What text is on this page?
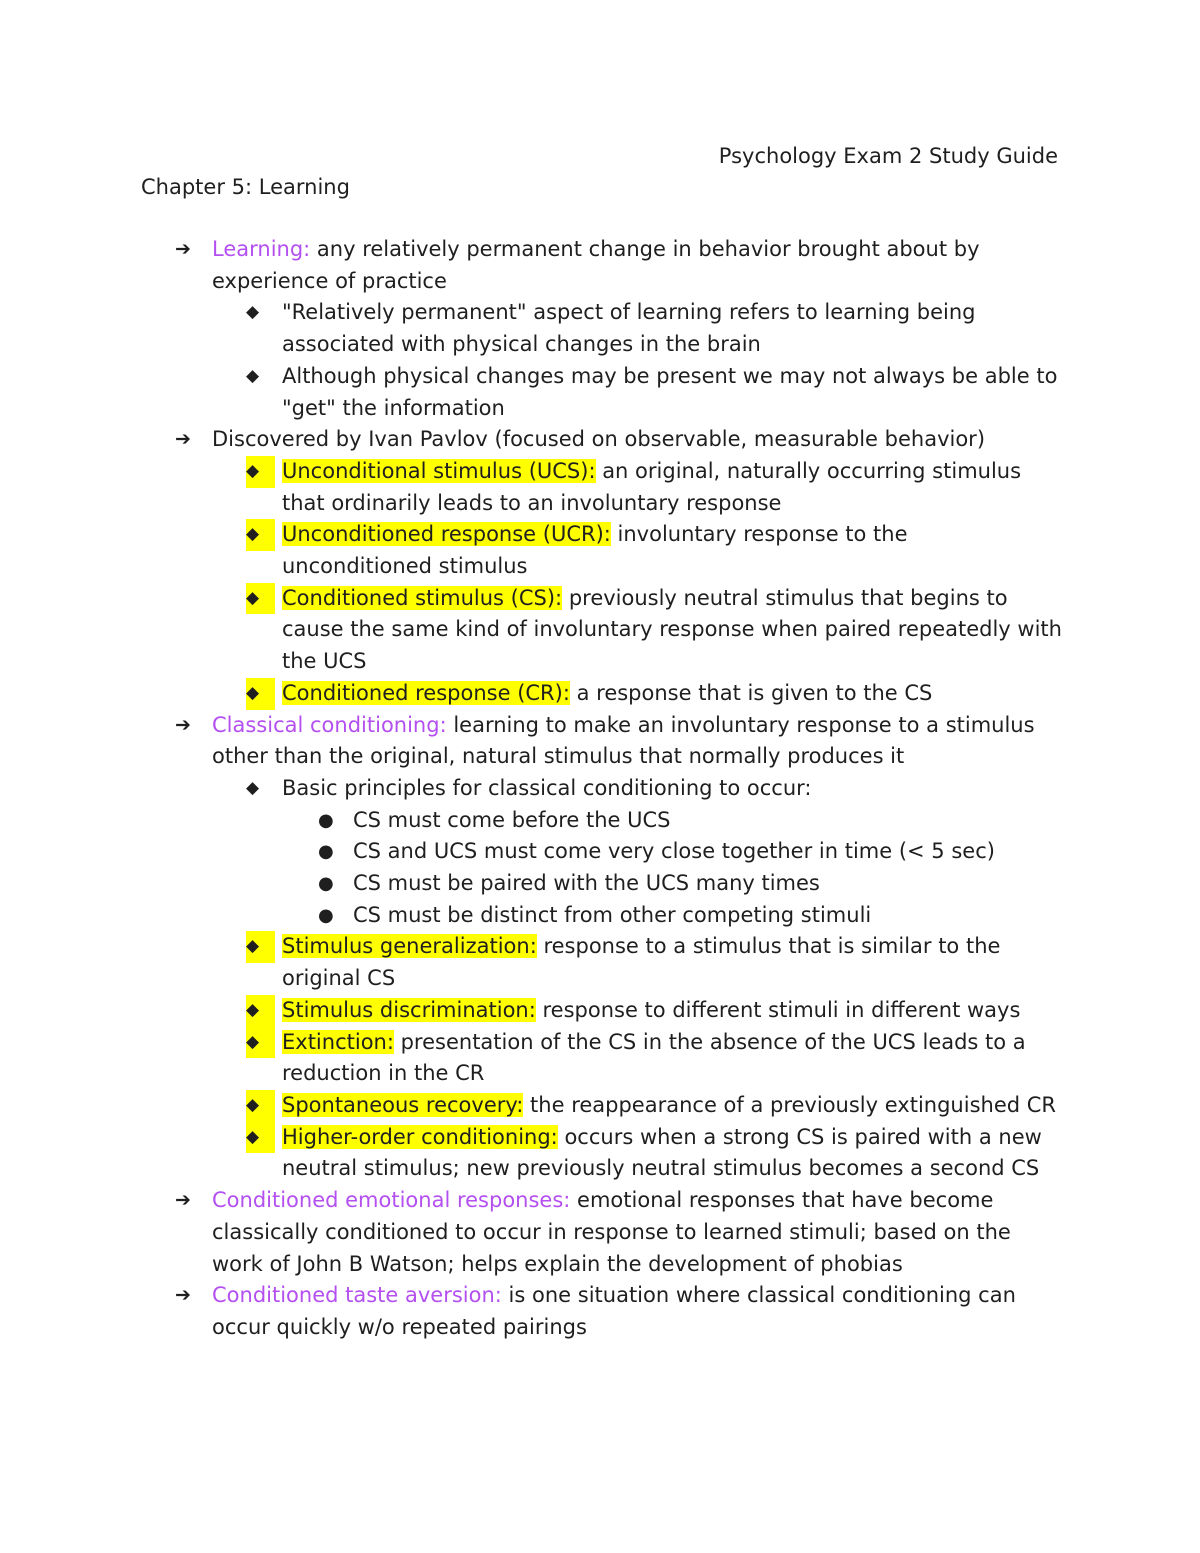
Psychology Exam 2 Study Guide
Chapter 5: Learning
➔ Learning: any relatively permanent change in behavior brought about by experience of practice
◆ "Relatively permanent" aspect of learning refers to learning being associated with physical changes in the brain
◆ Although physical changes may be present we may not always be able to "get" the information
➔ Discovered by Ivan Pavlov (focused on observable, measurable behavior)
◆	Unconditional stimulus (UCS): an original, naturally occurring stimulus that ordinarily leads to an involuntary response
◆	Unconditioned response (UCR): involuntary response to the unconditioned stimulus
◆	Conditioned stimulus (CS): previously neutral stimulus that begins to cause the same kind of involuntary response when paired repeatedly with the UCS
◆	Conditioned response (CR): a response that is given to the CS
➔ Classical conditioning: learning to make an involuntary response to a stimulus other than the original, natural stimulus that normally produces it
◆ Basic principles for classical conditioning to occur:
● CS must come before the UCS
● CS and UCS must come very close together in time (< 5 sec)
● CS must be paired with the UCS many times
● CS must be distinct from other competing stimuli
◆	Stimulus generalization: response to a stimulus that is similar to the original CS
◆	Stimulus discrimination: response to different stimuli in different ways
◆	Extinction: presentation of the CS in the absence of the UCS leads to a reduction in the CR
◆	Spontaneous recovery: the reappearance of a previously extinguished CR
◆	Higher-order conditioning: occurs when a strong CS is paired with a new neutral stimulus; new previously neutral stimulus becomes a second CS
➔ Conditioned emotional responses: emotional responses that have become classically conditioned to occur in response to learned stimuli; based on the work of John B Watson; helps explain the development of phobias
➔ Conditioned taste aversion: is one situation where classical conditioning can occur quickly w/o repeated pairings
